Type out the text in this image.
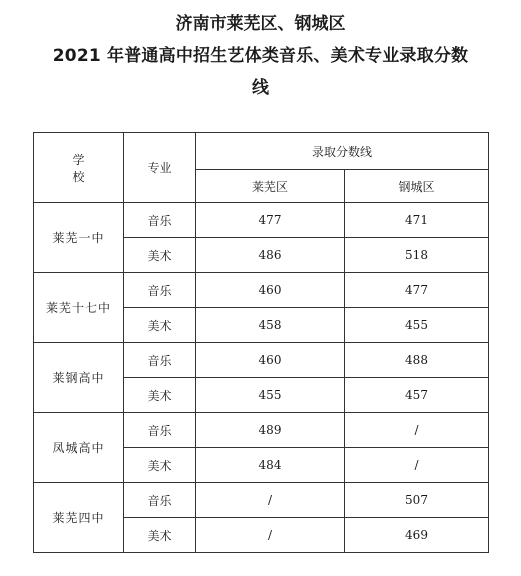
济南市莱芜区、钢城区
2021 年普通高中招生艺体类音乐、美术专业录取分数
线
学校	专业	录取分数线	
		莱芜区	钢城区
莱芜一中	音乐	477	471
	美术	486	518
莱芜十七中	音乐	460	477
	美术	458	455
莱钢高中	音乐	460	488
	美术	455	457
凤城高中	音乐	489	/
	美术	484	/
莱芜四中	音乐	/	507
	美术	/	469
